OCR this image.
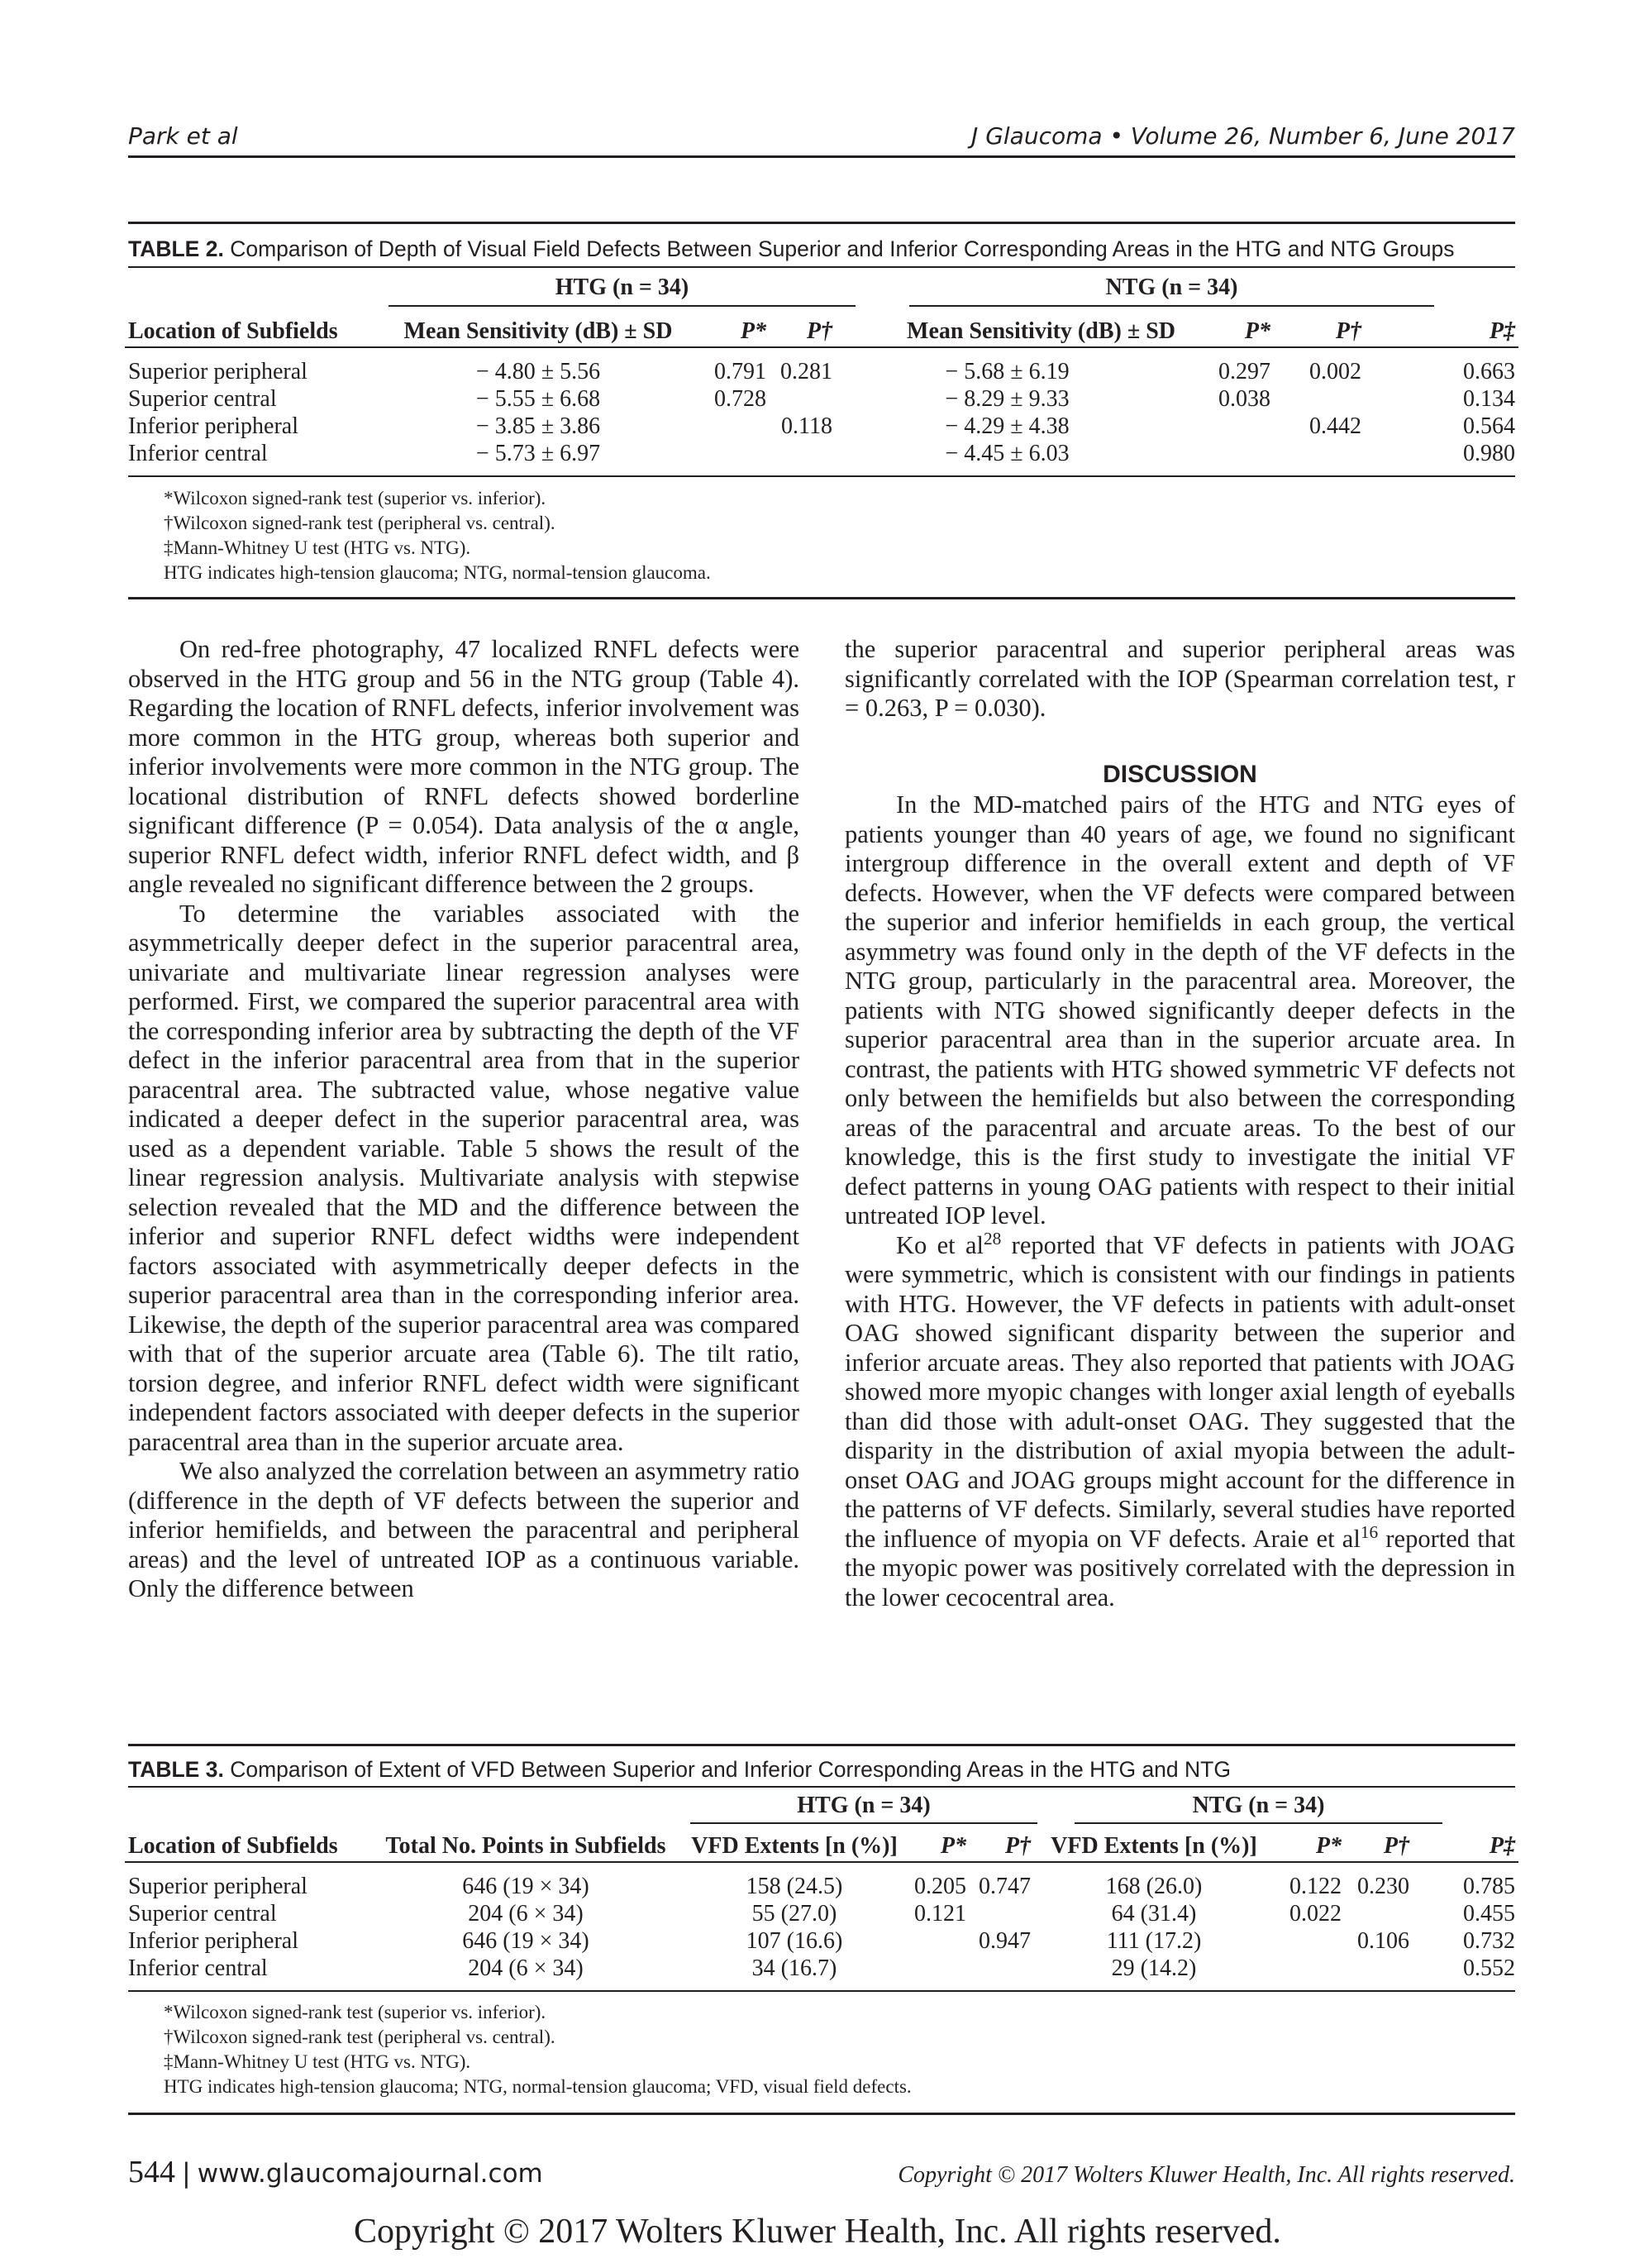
Park et al	J Glaucoma • Volume 26, Number 6, June 2017
TABLE 2. Comparison of Depth of Visual Field Defects Between Superior and Inferior Corresponding Areas in the HTG and NTG Groups
HTG (n = 34)	NTG (n = 34)
Location of Subfields	Mean Sensitivity (dB) ± SD	P*	P†	Mean Sensitivity (dB) ± SD	P*	P†	P‡

Superior peripheral	− 4.80 ± 5.56	0.791	0.281	− 5.68 ± 6.19	0.297	0.002	0.663
Superior central	− 5.55 ± 6.68	0.728		− 8.29 ± 9.33	0.038		0.134
Inferior peripheral	− 3.85 ± 3.86		0.118	− 4.29 ± 4.38		0.442	0.564
Inferior central	− 5.73 ± 6.97			− 4.45 ± 6.03			0.980
*Wilcoxon signed-rank test (superior vs. inferior).
†Wilcoxon signed-rank test (peripheral vs. central).
‡Mann-Whitney U test (HTG vs. NTG).
HTG indicates high-tension glaucoma; NTG, normal-tension glaucoma.

On red-free photography, 47 localized RNFL defects were observed in the HTG group and 56 in the NTG group (Table 4). Regarding the location of RNFL defects, inferior involvement was more common in the HTG group, whereas both superior and inferior involvements were more common in the NTG group. The locational distribution of RNFL defects showed borderline significant difference (P = 0.054). Data analysis of the α angle, superior RNFL defect width, inferior RNFL defect width, and β angle revealed no significant difference between the 2 groups.

To determine the variables associated with the asymmetrically deeper defect in the superior paracentral area, univariate and multivariate linear regression analyses were performed. First, we compared the superior paracentral area with the corresponding inferior area by subtracting the depth of the VF defect in the inferior paracentral area from that in the superior paracentral area. The subtracted value, whose negative value indicated a deeper defect in the superior paracentral area, was used as a dependent variable. Table 5 shows the result of the linear regression analysis. Multivariate analysis with stepwise selection revealed that the MD and the difference between the inferior and superior RNFL defect widths were independent factors associated with asymmetrically deeper defects in the superior paracentral area than in the corresponding inferior area. Likewise, the depth of the superior paracentral area was compared with that of the superior arcuate area (Table 6). The tilt ratio, torsion degree, and inferior RNFL defect width were significant independent factors associated with deeper defects in the superior paracentral area than in the superior arcuate area.

We also analyzed the correlation between an asymmetry ratio (difference in the depth of VF defects between the superior and inferior hemifields, and between the paracentral and peripheral areas) and the level of untreated IOP as a continuous variable. Only the difference between

the superior paracentral and superior peripheral areas was significantly correlated with the IOP (Spearman correlation test, r = 0.263, P = 0.030).

DISCUSSION

In the MD-matched pairs of the HTG and NTG eyes of patients younger than 40 years of age, we found no significant intergroup difference in the overall extent and depth of VF defects. However, when the VF defects were compared between the superior and inferior hemifields in each group, the vertical asymmetry was found only in the depth of the VF defects in the NTG group, particularly in the paracentral area. Moreover, the patients with NTG showed significantly deeper defects in the superior paracentral area than in the superior arcuate area. In contrast, the patients with HTG showed symmetric VF defects not only between the hemifields but also between the corresponding areas of the paracentral and arcuate areas. To the best of our knowledge, this is the first study to investigate the initial VF defect patterns in young OAG patients with respect to their initial untreated IOP level.

Ko et $al^{28}$ reported that VF defects in patients with JOAG were symmetric, which is consistent with our findings in patients with HTG. However, the VF defects in patients with adult-onset OAG showed significant disparity between the superior and inferior arcuate areas. They also reported that patients with JOAG showed more myopic changes with longer axial length of eyeballs than did those with adult-onset OAG. They suggested that the disparity in the distribution of axial myopia between the adult-onset OAG and JOAG groups might account for the difference in the patterns of VF defects. Similarly, several studies have reported the influence of myopia on VF defects. Araie et $al^{16}$ reported that the myopic power was positively correlated with the depression in the lower cecocentral area.

TABLE 3. Comparison of Extent of VFD Between Superior and Inferior Corresponding Areas in the HTG and NTG
HTG (n = 34)	NTG (n = 34)
Location of Subfields	Total No. Points in Subfields	VFD Extents [n (%)]	P*	P†	VFD Extents [n (%)]	P*	P†	P‡

Superior peripheral	646 (19 × 34)	158 (24.5)	0.205	0.747	168 (26.0)	0.122	0.230	0.785
Superior central	204 (6 × 34)	55 (27.0)	0.121		64 (31.4)	0.022		0.455
Inferior peripheral	646 (19 × 34)	107 (16.6)		0.947	111 (17.2)		0.106	0.732
Inferior central	204 (6 × 34)	34 (16.7)			29 (14.2)			0.552
*Wilcoxon signed-rank test (superior vs. inferior).
†Wilcoxon signed-rank test (peripheral vs. central).
‡Mann-Whitney U test (HTG vs. NTG).
HTG indicates high-tension glaucoma; NTG, normal-tension glaucoma; VFD, visual field defects.
544 | www.glaucomajournal.com	Copyright © 2017 Wolters Kluwer Health, Inc. All rights reserved.
Copyright © 2017 Wolters Kluwer Health, Inc. All rights reserved.
